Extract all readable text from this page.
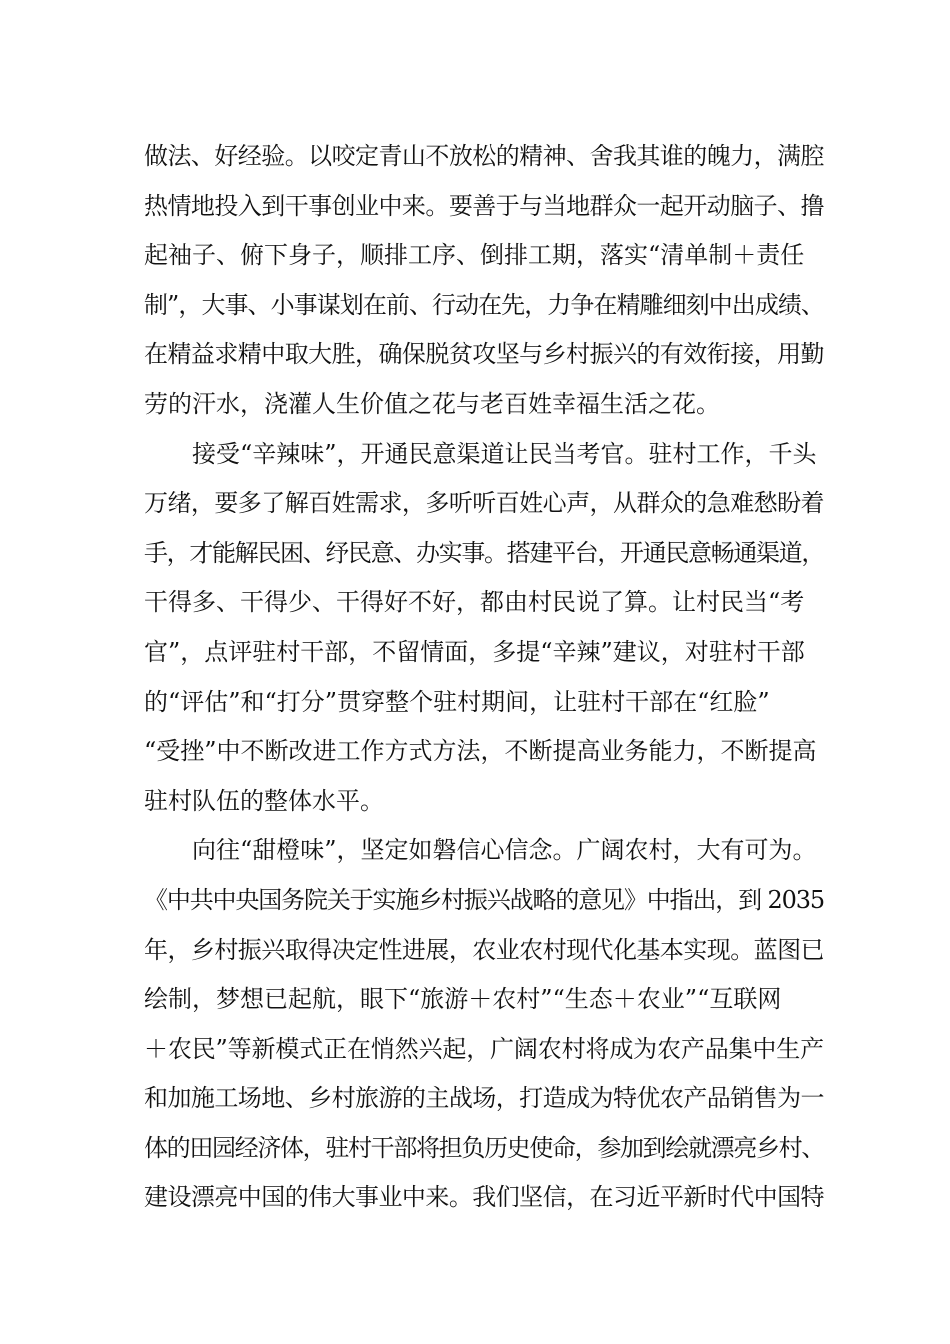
做法、好经验。以咬定青山不放松的精神、舍我其谁的魄力，满腔
热情地投入到干事创业中来。要善于与当地群众一起开动脑子、撸
起袖子、俯下身子，顺排工序、倒排工期，落实“清单制＋责任
制”，大事、小事谋划在前、行动在先，力争在精雕细刻中出成绩、
在精益求精中取大胜，确保脱贫攻坚与乡村振兴的有效衔接，用勤
劳的汗水，浇灌人生价值之花与老百姓幸福生活之花。
接受“辛辣味”，开通民意渠道让民当考官。驻村工作，千头
万绪，要多了解百姓需求，多听听百姓心声，从群众的急难愁盼着
手，才能解民困、纾民意、办实事。搭建平台，开通民意畅通渠道，
干得多、干得少、干得好不好，都由村民说了算。让村民当“考
官”，点评驻村干部，不留情面，多提“辛辣”建议，对驻村干部
的“评估”和“打分”贯穿整个驻村期间，让驻村干部在“红脸”
“受挫”中不断改进工作方式方法，不断提高业务能力，不断提高
驻村队伍的整体水平。
向往“甜橙味”，坚定如磐信心信念。广阔农村，大有可为。
《中共中央国务院关于实施乡村振兴战略的意见》中指出，到 2035
年，乡村振兴取得决定性进展，农业农村现代化基本实现。蓝图已
绘制，梦想已起航，眼下“旅游＋农村”“生态＋农业”“互联网
＋农民”等新模式正在悄然兴起，广阔农村将成为农产品集中生产
和加施工场地、乡村旅游的主战场，打造成为特优农产品销售为一
体的田园经济体，驻村干部将担负历史使命，参加到绘就漂亮乡村、
建设漂亮中国的伟大事业中来。我们坚信，在习近平新时代中国特
